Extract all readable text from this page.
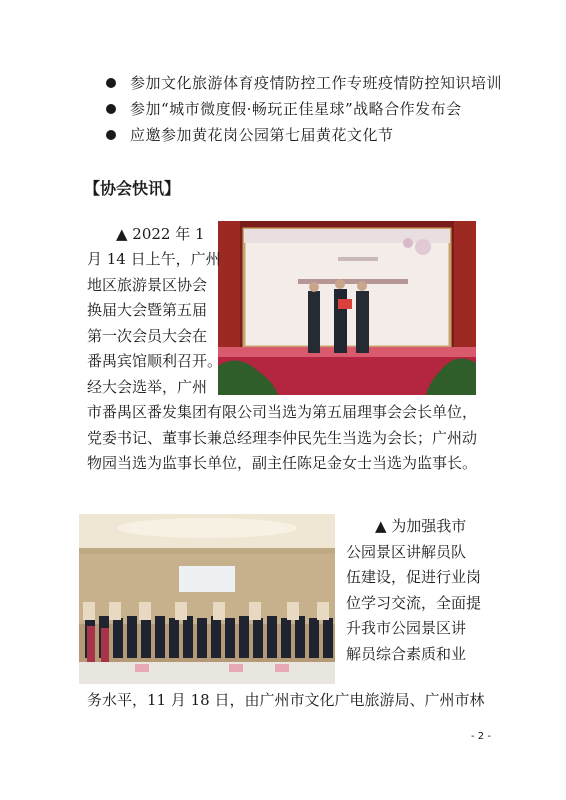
参加文化旅游体育疫情防控工作专班疫情防控知识培训
参加“城市微度假·畅玩正佳星球”战略合作发布会
应邀参加黄花岗公园第七届黄花文化节
【协会快讯】
▲ 2022 年 1
月 14 日上午，广州
地区旅游景区协会
换届大会暨第五届
第一次会员大会在
番禺宾馆顺利召开。
经大会选举，广州
市番禺区番发集团有限公司当选为第五届理事会会长单位，
党委书记、董事长兼总经理李仲民先生当选为会长；广州动
物园当选为监事长单位，副主任陈足金女士当选为监事长。
▲ 为加强我市
公园景区讲解员队
伍建设，促进行业岗
位学习交流，全面提
升我市公园景区讲
解员综合素质和业
务水平，11 月 18 日，由广州市文化广电旅游局、广州市林
- 2 -
